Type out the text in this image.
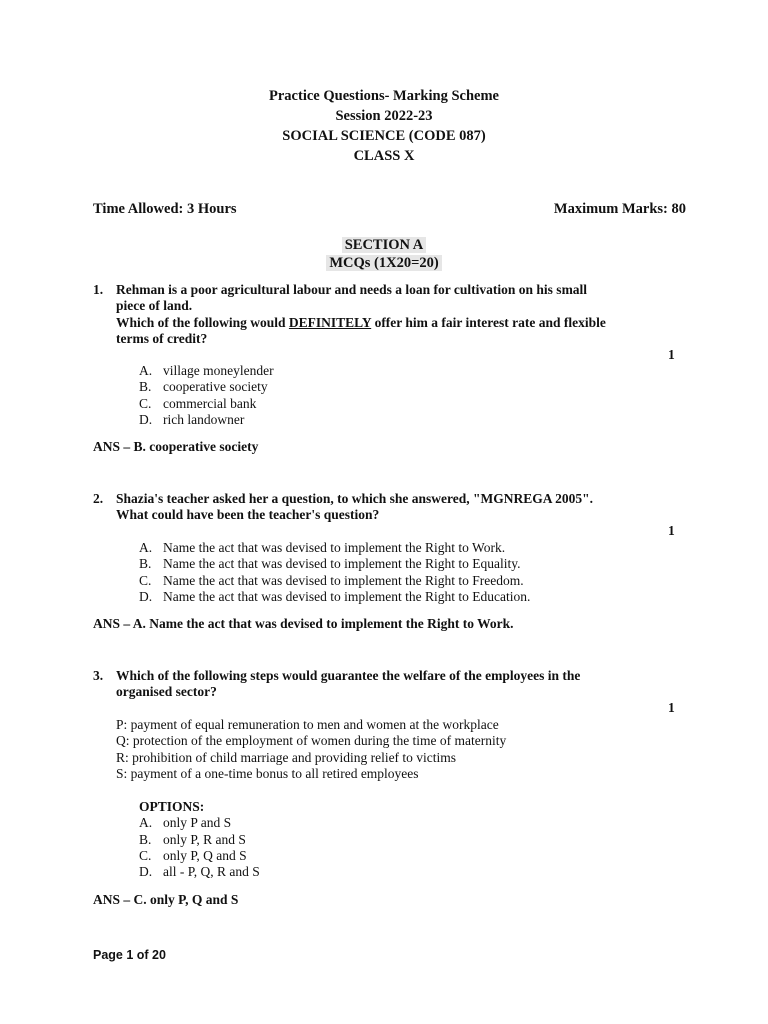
Practice Questions- Marking Scheme
Session 2022-23
SOCIAL SCIENCE (CODE 087)
CLASS X
Time Allowed: 3 Hours	Maximum Marks: 80
SECTION A
MCQs (1X20=20)
1. Rehman is a poor agricultural labour and needs a loan for cultivation on his small
piece of land.
Which of the following would DEFINITELY offer him a fair interest rate and flexible
terms of credit?
1
A. village moneylender
B. cooperative society
C. commercial bank
D. rich landowner
ANS – B. cooperative society
2. Shazia's teacher asked her a question, to which she answered, "MGNREGA 2005".
What could have been the teacher's question?
1
A. Name the act that was devised to implement the Right to Work.
B. Name the act that was devised to implement the Right to Equality.
C. Name the act that was devised to implement the Right to Freedom.
D. Name the act that was devised to implement the Right to Education.
ANS – A. Name the act that was devised to implement the Right to Work.
3. Which of the following steps would guarantee the welfare of the employees in the
organised sector?
1
P: payment of equal remuneration to men and women at the workplace
Q: protection of the employment of women during the time of maternity
R: prohibition of child marriage and providing relief to victims
S: payment of a one-time bonus to all retired employees
OPTIONS:
A. only P and S
B. only P, R and S
C. only P, Q and S
D. all - P, Q, R and S
ANS – C. only P, Q and S
Page 1 of 20
